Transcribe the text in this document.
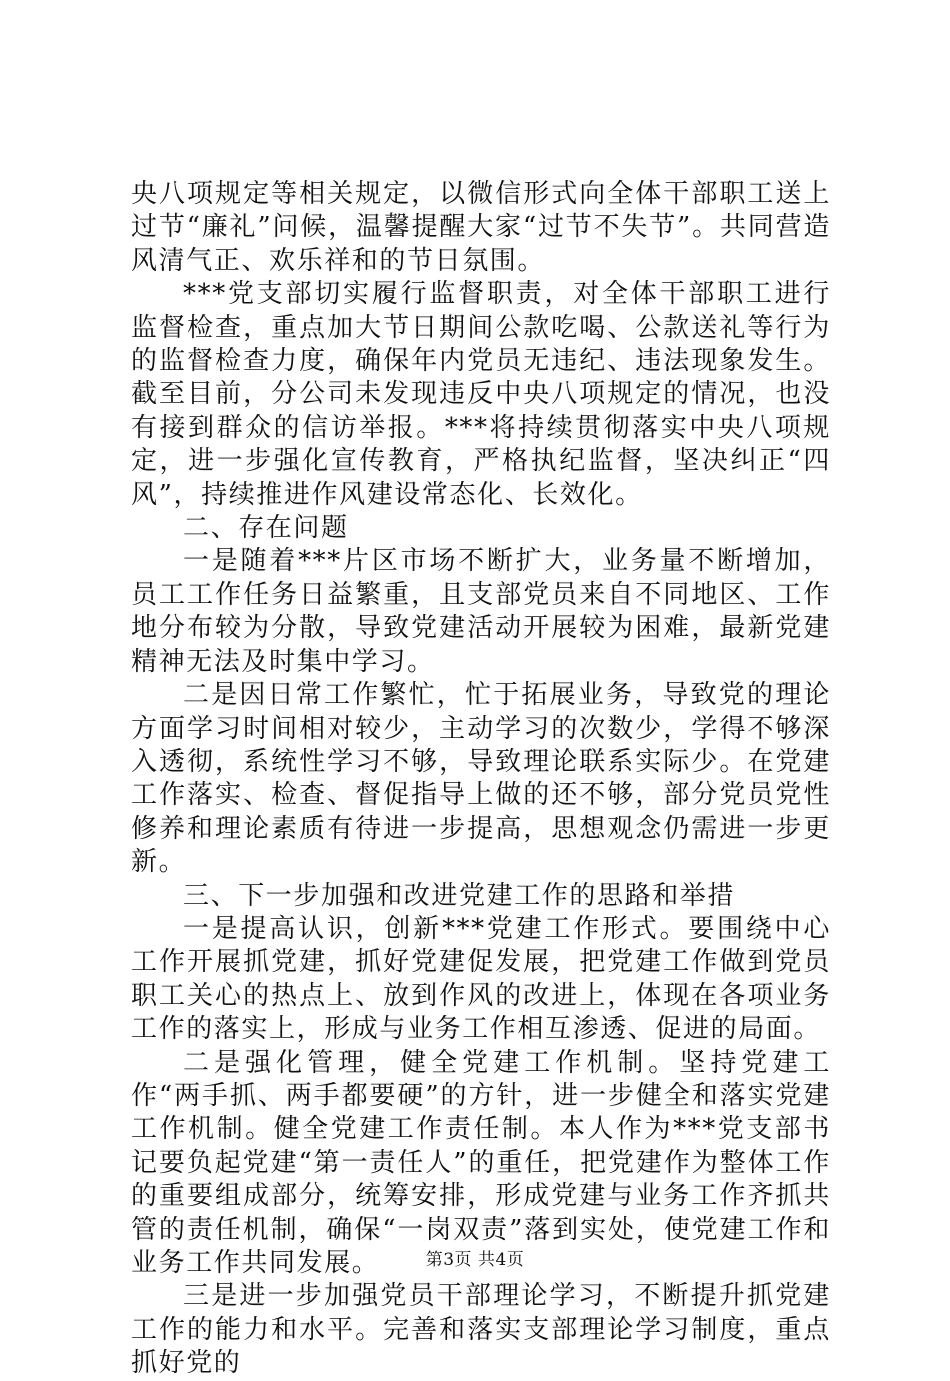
央八项规定等相关规定，以微信形式向全体干部职工送上过节“廉礼”问候，温馨提醒大家“过节不失节”。共同营造风清气正、欢乐祥和的节日氛围。

***党支部切实履行监督职责，对全体干部职工进行监督检查，重点加大节日期间公款吃喝、公款送礼等行为的监督检查力度，确保年内党员无违纪、违法现象发生。截至目前，分公司未发现违反中央八项规定的情况，也没有接到群众的信访举报。***将持续贯彻落实中央八项规定，进一步强化宣传教育，严格执纪监督，坚决纠正“四风”，持续推进作风建设常态化、长效化。

二、存在问题

一是随着***片区市场不断扩大，业务量不断增加，员工工作任务日益繁重，且支部党员来自不同地区、工作地分布较为分散，导致党建活动开展较为困难，最新党建精神无法及时集中学习。

二是因日常工作繁忙，忙于拓展业务，导致党的理论方面学习时间相对较少，主动学习的次数少，学得不够深入透彻，系统性学习不够，导致理论联系实际少。在党建工作落实、检查、督促指导上做的还不够，部分党员党性修养和理论素质有待进一步提高，思想观念仍需进一步更新。

三、下一步加强和改进党建工作的思路和举措

一是提高认识，创新***党建工作形式。要围绕中心工作开展抓党建，抓好党建促发展，把党建工作做到党员职工关心的热点上、放到作风的改进上，体现在各项业务工作的落实上，形成与业务工作相互渗透、促进的局面。

二是强化管理，健全党建工作机制。坚持党建工作“两手抓、两手都要硬”的方针，进一步健全和落实党建工作机制。健全党建工作责任制。本人作为***党支部书记要负起党建“第一责任人”的重任，把党建作为整体工作的重要组成部分，统筹安排，形成党建与业务工作齐抓共管的责任机制，确保“一岗双责”落到实处，使党建工作和业务工作共同发展。

三是进一步加强党员干部理论学习，不断提升抓党建工作的能力和水平。完善和落实支部理论学习制度，重点抓好党的

第3页 共4页
